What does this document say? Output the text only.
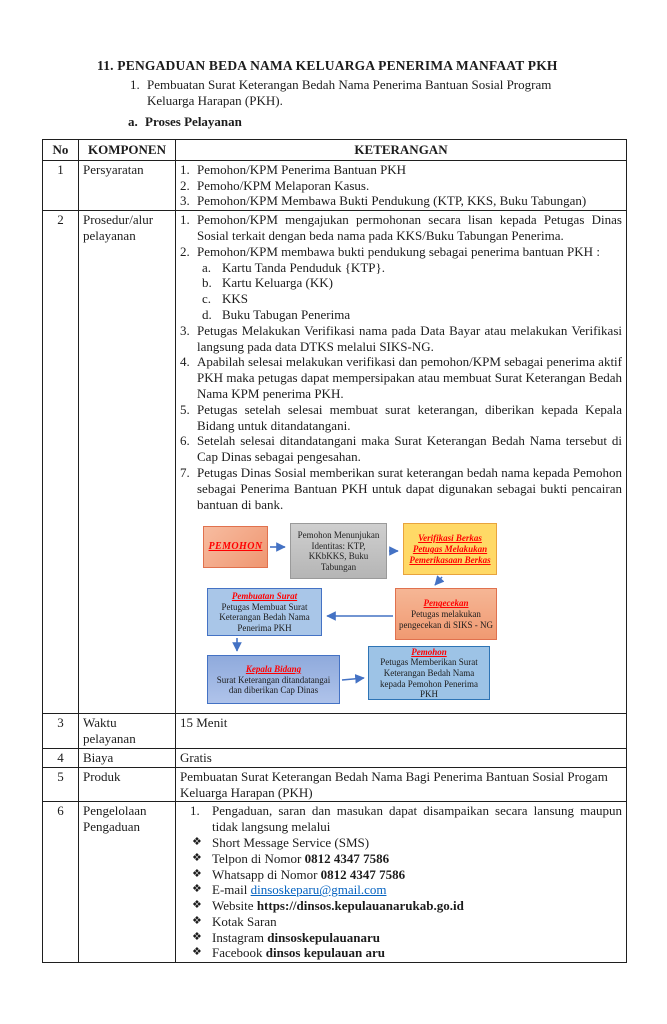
11. PENGADUAN BEDA NAMA KELUARGA PENERIMA MANFAAT PKH
1. Pembuatan Surat Keterangan Bedah Nama Penerima Bantuan Sosial Program Keluarga Harapan (PKH).
a. Proses Pelayanan
No	KOMPONEN	KETERANGAN
1	Persyaratan	1. Pemohon/KPM Penerima Bantuan PKH
2. Pemoho/KPM Melaporan Kasus.
3. Pemohon/KPM Membawa Bukti Pendukung (KTP, KKS, Buku Tabungan)

2	Prosedur/alur pelayanan	
1. Pemohon/KPM mengajukan permohonan secara lisan kepada Petugas Dinas Sosial terkait dengan beda nama pada KKS/Buku Tabungan Penerima.
2. Pemohon/KPM membawa bukti pendukung sebagai penerima bantuan PKH :
a. Kartu Tanda Penduduk {KTP}.
b. Kartu Keluarga (KK)
c. KKS
d. Buku Tabugan Penerima
3. Petugas Melakukan Verifikasi nama pada Data Bayar atau melakukan Verifikasi langsung pada data DTKS melalui SIKS-NG.
4. Apabilah selesai melakukan verifikasi dan pemohon/KPM sebagai penerima aktif PKH maka petugas dapat mempersipakan atau membuat Surat Keterangan Bedah Nama KPM penerima PKH.
5. Petugas setelah selesai membuat surat keterangan, diberikan kepada Kepala Bidang untuk ditandatangani.
6. Setelah selesai ditandatangani maka Surat Keterangan Bedah Nama tersebut di Cap Dinas sebagai pengesahan.
7. Petugas Dinas Sosial memberikan surat keterangan bedah nama kepada Pemohon sebagai Penerima Bantuan PKH untuk dapat digunakan sebagai bukti pencairan bantuan di bank.
PEMOHON
Pemohon Menunjukan Identitas: KTP, KKbKKS, Buku Tabungan
Verifikasi Berkas Petugas Melakukan Pemerikasaan Berkas
Pembuatan Surat
Petugas Membuat Surat Keterangan Bedah Nama Penerima PKH
Pengecekan
Petugas melakukan pengecekan di SIKS - NG
Kepala Bidang
Surat Keterangan ditandatangai dan diberikan Cap Dinas
Pemohon
Petugas Memberikan Surat Keterangan Bedah Nama kepada Pemohon Penerima PKH

3	Waktu pelayanan	15 Menit
4	Biaya	Gratis
5	Produk	Pembuatan Surat Keterangan Bedah Nama Bagi Penerima Bantuan Sosial Progam Keluarga Harapan (PKH)
6	Pengelolaan Pengaduan	
1. Pengaduan, saran dan masukan dapat disampaikan secara lansung maupun tidak langsung melalui
❖ Short Message Service (SMS)
❖ Telpon di Nomor 0812 4347 7586
❖ Whatsapp di Nomor 0812 4347 7586
❖ E-mail dinsoskeparu@gmail.com
❖ Website https://dinsos.kepulauanarukab.go.id
❖ Kotak Saran
❖ Instagram dinsoskepulauanaru
❖ Facebook dinsos kepulauan aru
